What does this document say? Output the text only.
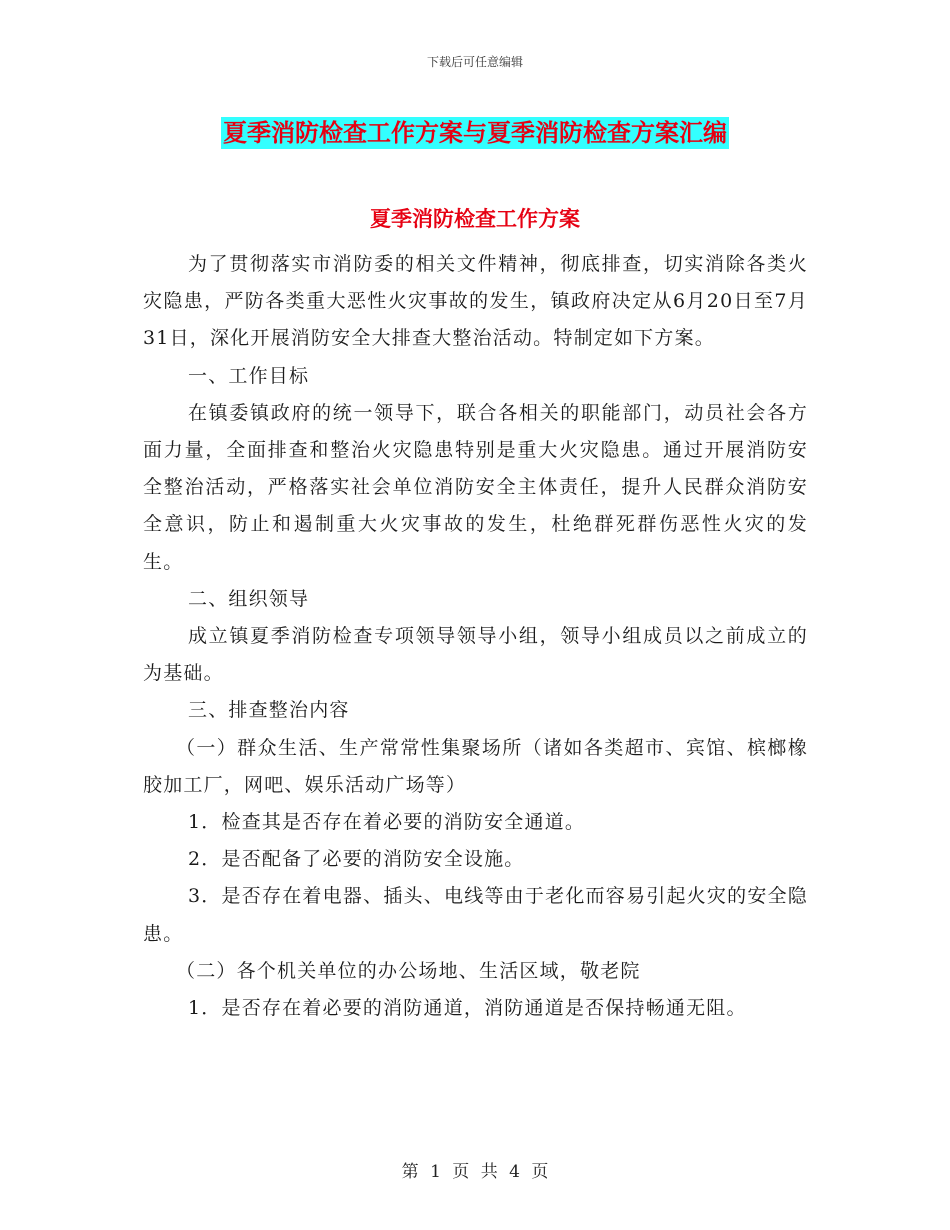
下载后可任意编辑
夏季消防检查工作方案与夏季消防检查方案汇编
夏季消防检查工作方案

为了贯彻落实市消防委的相关文件精神，彻底排查，切实消除各类火灾隐患，严防各类重大恶性火灾事故的发生，镇政府决定从6月20日至7月31日，深化开展消防安全大排查大整治活动。特制定如下方案。

一、工作目标

在镇委镇政府的统一领导下，联合各相关的职能部门，动员社会各方面力量，全面排查和整治火灾隐患特别是重大火灾隐患。通过开展消防安全整治活动，严格落实社会单位消防安全主体责任，提升人民群众消防安全意识，防止和遏制重大火灾事故的发生，杜绝群死群伤恶性火灾的发生。

二、组织领导

成立镇夏季消防检查专项领导领导小组，领导小组成员以之前成立的为基础。

三、排查整治内容

（一）群众生活、生产常常性集聚场所（诸如各类超市、宾馆、槟榔橡胶加工厂，网吧、娱乐活动广场等）

1．检查其是否存在着必要的消防安全通道。

2．是否配备了必要的消防安全设施。

3．是否存在着电器、插头、电线等由于老化而容易引起火灾的安全隐患。

（二）各个机关单位的办公场地、生活区域，敬老院

1．是否存在着必要的消防通道，消防通道是否保持畅通无阻。

第 1 页 共 4 页
